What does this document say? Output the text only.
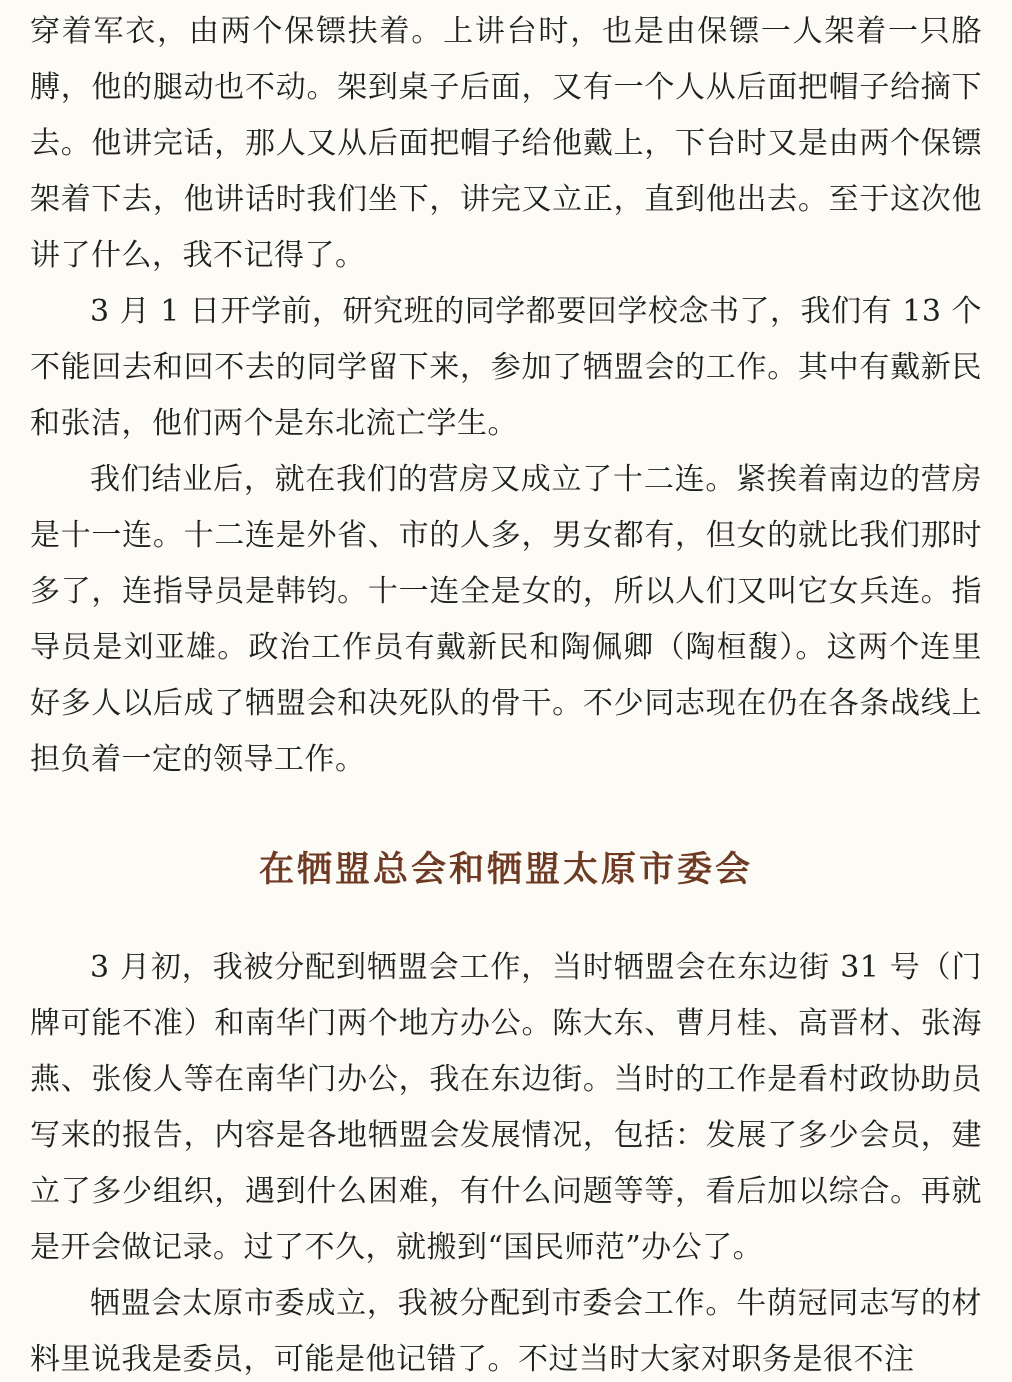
穿着军衣，由两个保镖扶着。上讲台时，也是由保镖一人架着一只胳膊，他的腿动也不动。架到桌子后面，又有一个人从后面把帽子给摘下去。他讲完话，那人又从后面把帽子给他戴上，下台时又是由两个保镖架着下去，他讲话时我们坐下，讲完又立正，直到他出去。至于这次他讲了什么，我不记得了。

3 月 1 日开学前，研究班的同学都要回学校念书了，我们有 13 个不能回去和回不去的同学留下来，参加了牺盟会的工作。其中有戴新民和张洁，他们两个是东北流亡学生。

我们结业后，就在我们的营房又成立了十二连。紧挨着南边的营房是十一连。十二连是外省、市的人多，男女都有，但女的就比我们那时多了，连指导员是韩钧。十一连全是女的，所以人们又叫它女兵连。指导员是刘亚雄。政治工作员有戴新民和陶佩卿（陶桓馥）。这两个连里好多人以后成了牺盟会和决死队的骨干。不少同志现在仍在各条战线上担负着一定的领导工作。

在牺盟总会和牺盟太原市委会

3 月初，我被分配到牺盟会工作，当时牺盟会在东边街 31 号（门牌可能不准）和南华门两个地方办公。陈大东、曹月桂、高晋材、张海燕、张俊人等在南华门办公，我在东边街。当时的工作是看村政协助员写来的报告，内容是各地牺盟会发展情况，包括：发展了多少会员，建立了多少组织，遇到什么困难，有什么问题等等，看后加以综合。再就是开会做记录。过了不久，就搬到“国民师范”办公了。

牺盟会太原市委成立，我被分配到市委会工作。牛荫冠同志写的材料里说我是委员，可能是他记错了。不过当时大家对职务是很不注
